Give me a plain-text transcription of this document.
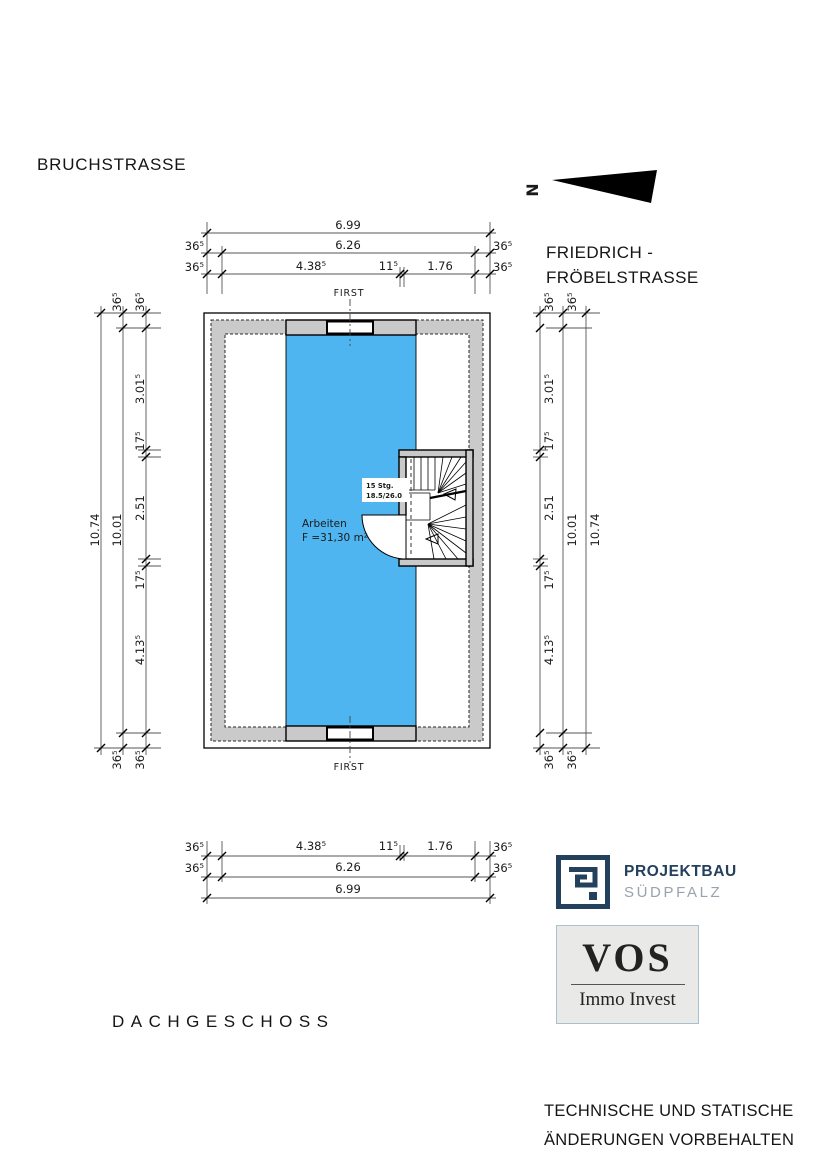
BRUCHSTRASSE
FRIEDRICH -
FRÖBELSTRASSE
N
6.99
36⁵	6.26	36⁵
36⁵	4.38⁵	11⁵	1.76	36⁵
FIRST
15 Stg.
18.5/26.0
Arbeiten
F =31,30 m²
FIRST
36⁵	4.38⁵	11⁵	1.76	36⁵
36⁵	6.26	36⁵
6.99
10.74
36⁵
10.01
36⁵
36⁵
3.01⁵
17⁵
2.51
17⁵
4.13⁵
36⁵
10.74
36⁵
10.01
36⁵
36⁵
3.01⁵
17⁵
2.51
17⁵
4.13⁵
36⁵
PROJEKTBAU
SÜDPFALZ
VOS
Immo Invest
DACHGESCHOSS
TECHNISCHE UND STATISCHE
ÄNDERUNGEN VORBEHALTEN
